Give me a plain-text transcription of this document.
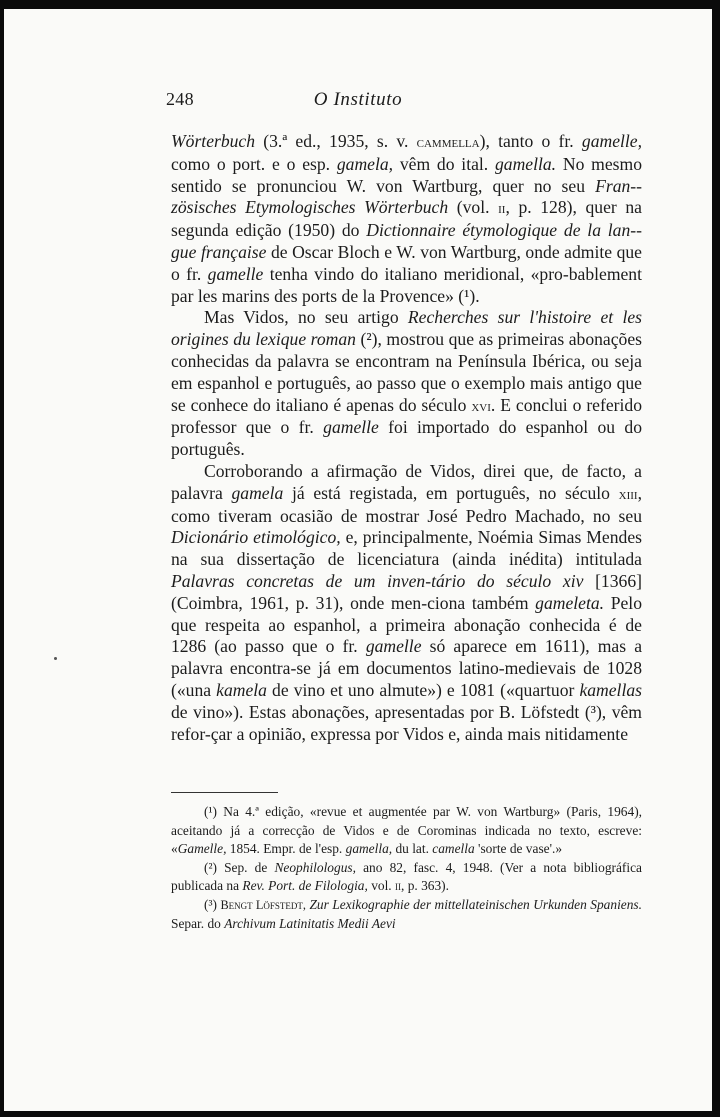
248	O Instituto

Wörterbuch (3.ª ed., 1935, s. v. cammella), tanto o fr. gamelle, como o port. e o esp. gamela, vêm do ital. gamella. No mesmo sentido se pronunciou W. von Wartburg, quer no seu Fran-zösisches Etymologisches Wörterbuch (vol. ii, p. 128), quer na segunda edição (1950) do Dictionnaire étymologique de la lan-gue française de Oscar Bloch e W. von Wartburg, onde admite que o fr. gamelle tenha vindo do italiano meridional, «pro-bablement par les marins des ports de la Provence» (¹).

Mas Vidos, no seu artigo Recherches sur l'histoire et les origines du lexique roman (²), mostrou que as primeiras abonações conhecidas da palavra se encontram na Península Ibérica, ou seja em espanhol e português, ao passo que o exemplo mais antigo que se conhece do italiano é apenas do século xvi. E conclui o referido professor que o fr. gamelle foi importado do espanhol ou do português.

Corroborando a afirmação de Vidos, direi que, de facto, a palavra gamela já está registada, em português, no século xiii, como tiveram ocasião de mostrar José Pedro Machado, no seu Dicionário etimológico, e, principalmente, Noémia Simas Mendes na sua dissertação de licenciatura (ainda inédita) intitulada Palavras concretas de um inven-tário do século xiv [1366] (Coimbra, 1961, p. 31), onde men-ciona também gameleta. Pelo que respeita ao espanhol, a primeira abonação conhecida é de 1286 (ao passo que o fr. gamelle só aparece em 1611), mas a palavra encontra-se já em documentos latino-medievais de 1028 («una kamela de vino et uno almute») e 1081 («quartuor kamellas de vino»). Estas abonações, apresentadas por B. Löfstedt (³), vêm refor-çar a opinião, expressa por Vidos e, ainda mais nitidamente

(¹) Na 4.ª edição, «revue et augmentée par W. von Wartburg» (Paris, 1964), aceitando já a correcção de Vidos e de Corominas indicada no texto, escreve: «Gamelle, 1854. Empr. de l'esp. gamella, du lat. camella 'sorte de vase'.»

(²) Sep. de Neophilologus, ano 82, fasc. 4, 1948. (Ver a nota bibliográfica publicada na Rev. Port. de Filologia, vol. ii, p. 363).

(³) Bengt Löfstedt, Zur Lexikographie der mittellateinischen Urkunden Spaniens. Separ. do Archivum Latinitatis Medii Aevi
